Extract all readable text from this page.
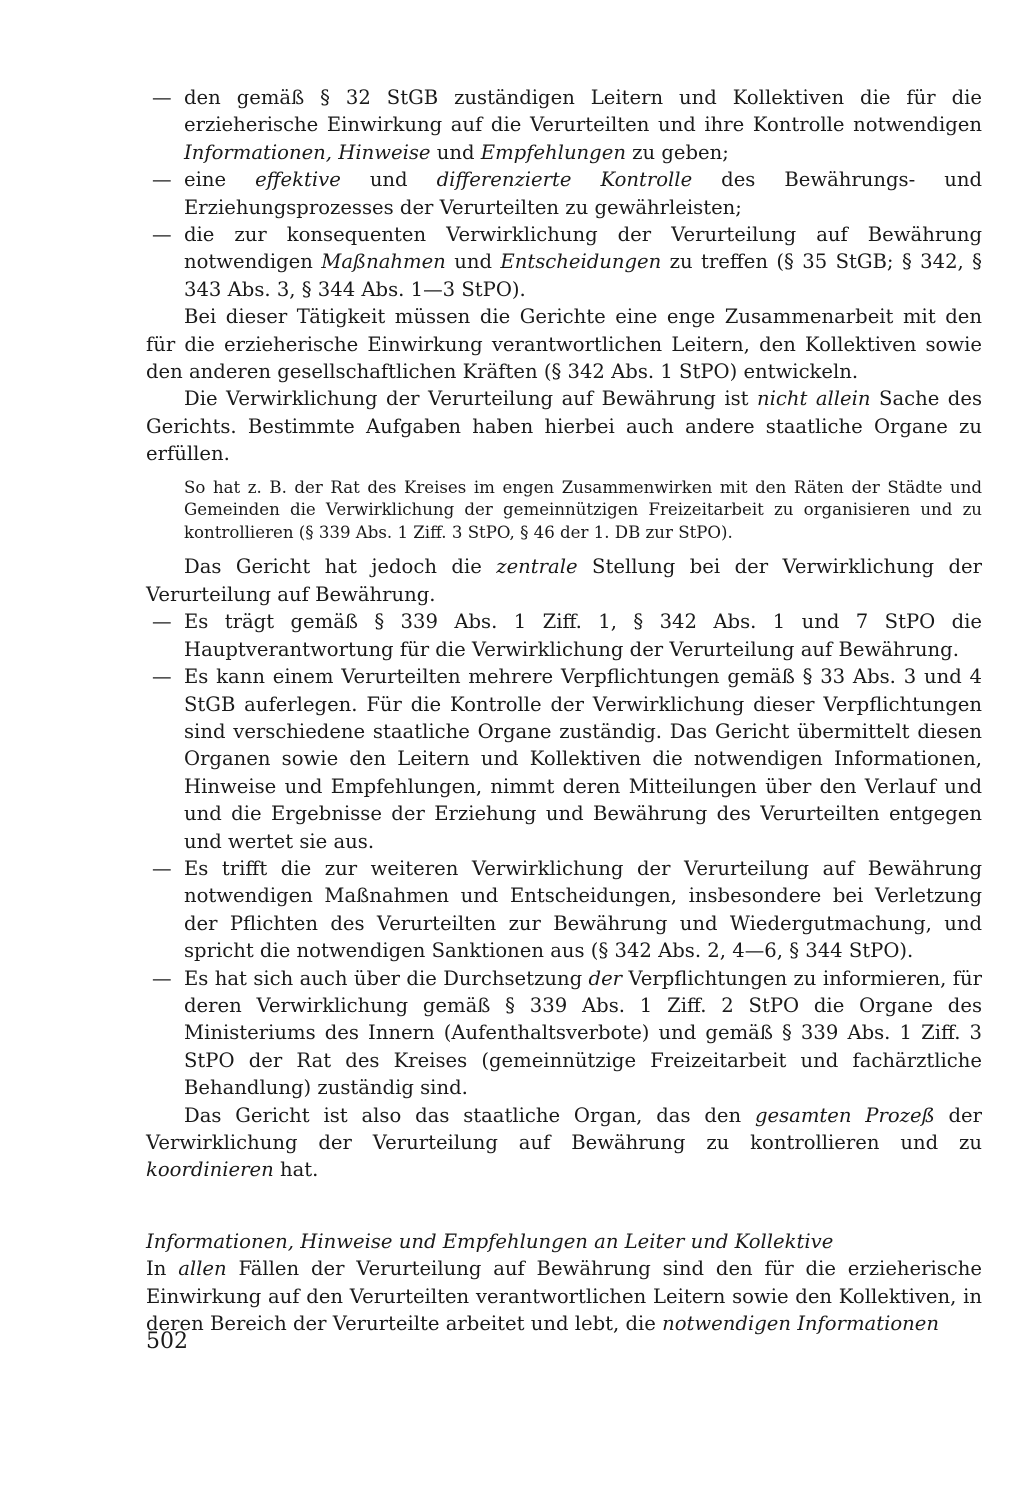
— den gemäß § 32 StGB zuständigen Leitern und Kollektiven die für die erzieherische Einwirkung auf die Verurteilten und ihre Kontrolle notwendigen Informationen, Hinweise und Empfehlungen zu geben;
— eine effektive und differenzierte Kontrolle des Bewährungs- und Erziehungsprozesses der Verurteilten zu gewährleisten;
— die zur konsequenten Verwirklichung der Verurteilung auf Bewährung notwendigen Maßnahmen und Entscheidungen zu treffen (§ 35 StGB; § 342, § 343 Abs. 3, § 344 Abs. 1—3 StPO).

Bei dieser Tätigkeit müssen die Gerichte eine enge Zusammenarbeit mit den für die erzieherische Einwirkung verantwortlichen Leitern, den Kollektiven sowie den anderen gesellschaftlichen Kräften (§ 342 Abs. 1 StPO) entwickeln.

Die Verwirklichung der Verurteilung auf Bewährung ist nicht allein Sache des Gerichts. Bestimmte Aufgaben haben hierbei auch andere staatliche Organe zu erfüllen.

So hat z. B. der Rat des Kreises im engen Zusammenwirken mit den Räten der Städte und Gemeinden die Verwirklichung der gemeinnützigen Freizeitarbeit zu organisieren und zu kontrollieren (§ 339 Abs. 1 Ziff. 3 StPO, § 46 der 1. DB zur StPO).

Das Gericht hat jedoch die zentrale Stellung bei der Verwirklichung der Verurteilung auf Bewährung.

— Es trägt gemäß § 339 Abs. 1 Ziff. 1, § 342 Abs. 1 und 7 StPO die Hauptverantwortung für die Verwirklichung der Verurteilung auf Bewährung.
— Es kann einem Verurteilten mehrere Verpflichtungen gemäß § 33 Abs. 3 und 4 StGB auferlegen. Für die Kontrolle der Verwirklichung dieser Verpflichtungen sind verschiedene staatliche Organe zuständig. Das Gericht übermittelt diesen Organen sowie den Leitern und Kollektiven die notwendigen Informationen, Hinweise und Empfehlungen, nimmt deren Mitteilungen über den Verlauf und und die Ergebnisse der Erziehung und Bewährung des Verurteilten entgegen und wertet sie aus.
— Es trifft die zur weiteren Verwirklichung der Verurteilung auf Bewährung notwendigen Maßnahmen und Entscheidungen, insbesondere bei Verletzung der Pflichten des Verurteilten zur Bewährung und Wiedergutmachung, und spricht die notwendigen Sanktionen aus (§ 342 Abs. 2, 4—6, § 344 StPO).
— Es hat sich auch über die Durchsetzung der Verpflichtungen zu informieren, für deren Verwirklichung gemäß § 339 Abs. 1 Ziff. 2 StPO die Organe des Ministeriums des Innern (Aufenthaltsverbote) und gemäß § 339 Abs. 1 Ziff. 3 StPO der Rat des Kreises (gemeinnützige Freizeitarbeit und fachärztliche Behandlung) zuständig sind.

Das Gericht ist also das staatliche Organ, das den gesamten Prozeß der Verwirklichung der Verurteilung auf Bewährung zu kontrollieren und zu koordinieren hat.

Informationen, Hinweise und Empfehlungen an Leiter und Kollektive

In allen Fällen der Verurteilung auf Bewährung sind den für die erzieherische Einwirkung auf den Verurteilten verantwortlichen Leitern sowie den Kollektiven, in deren Bereich der Verurteilte arbeitet und lebt, die notwendigen Informationen

502
